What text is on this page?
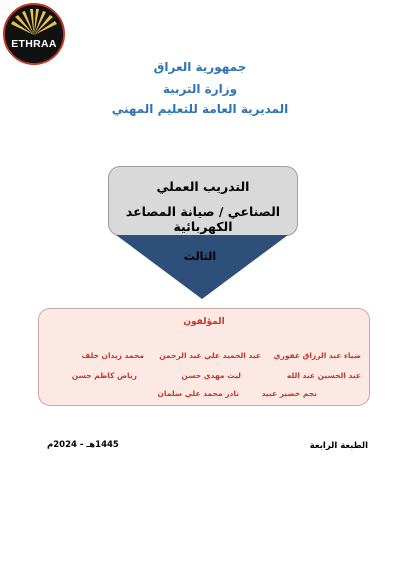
ETHRAA
جمهورية العراق
وزارة التربية
المديرية العامة للتعليم المهني
التدريب العملي
الصناعي / صيانة المصاعد الكهربائية
الثالث
المؤلفون
ضياء عبد الرزاق غفوري
عبد الحميد علي عبد الرحمن
محمد زيدان خلف
عبد الحسين عبد الله
ليث مهدي حسن
رياض كاظم حسن
نجم خضير عبيد
نادر محمد علي سلمان
الطبعة الرابعة
1445هـ - 2024م
